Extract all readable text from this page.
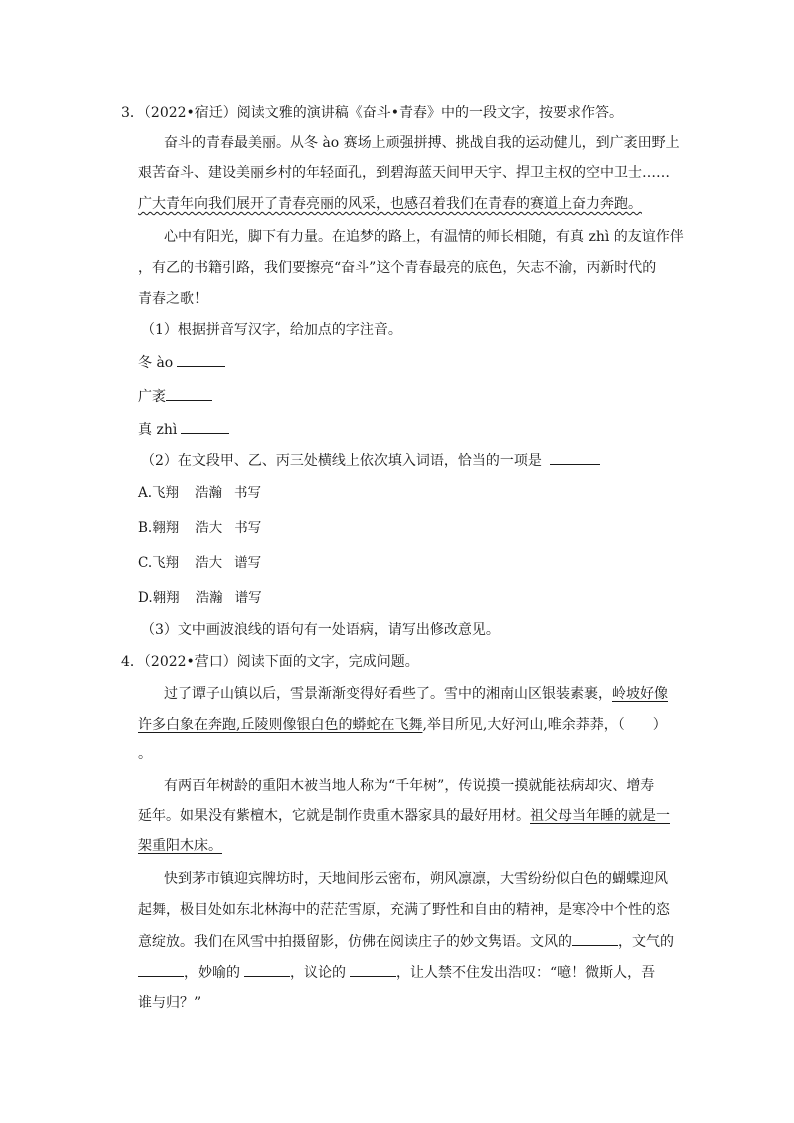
3．（2022•宿迁）阅读文雅的演讲稿《奋斗•青春》中的一段文字，按要求作答。
奋斗的青春最美丽。从冬 ào 赛场上顽强拼搏、挑战自我的运动健儿，到广袤田野上
艰苦奋斗、建设美丽乡村的年轻面孔，到碧海蓝天间甲天宇、捍卫主权的空中卫士……
广大青年向我们展开了青春亮丽的风采，也感召着我们在青春的赛道上奋力奔跑。
心中有阳光，脚下有力量。在追梦的路上，有温情的师长相随，有真 zhì 的友谊作伴
，有乙的书籍引路，我们要擦亮“奋斗”这个青春最亮的底色，矢志不渝，丙新时代的
青春之歌！
（1）根据拼音写汉字，给加点的字注音。
冬 ào
广袤
真 zhì
（2）在文段甲、乙、丙三处横线上依次填入词语，恰当的一项是
A.飞翔 浩瀚 书写
B.翱翔 浩大 书写
C.飞翔 浩大 谱写
D.翱翔 浩瀚 谱写
（3）文中画波浪线的语句有一处语病，请写出修改意见。
4．（2022•营口）阅读下面的文字，完成问题。
过了谭子山镇以后，雪景渐渐变得好看些了。雪中的湘南山区银装素裹，岭坡好像
许多白象在奔跑,丘陵则像银白色的蟒蛇在飞舞,举目所见,大好河山,唯余莽莽，（　　）
。
有两百年树龄的重阳木被当地人称为“千年树”，传说摸一摸就能祛病却灾、增寿
延年。如果没有紫檀木，它就是制作贵重木器家具的最好用材。祖父母当年睡的就是一
架重阳木床。
快到茅市镇迎宾牌坊时，天地间彤云密布，朔风凛凛，大雪纷纷似白色的蝴蝶迎风
起舞，极目处如东北林海中的茫茫雪原，充满了野性和自由的精神，是寒冷中个性的恣
意绽放。我们在风雪中拍摄留影，仿佛在阅读庄子的妙文隽语。文风的	，文气的
，妙喻的	，议论的	，让人禁不住发出浩叹：“噫！微斯人，吾
谁与归？”
